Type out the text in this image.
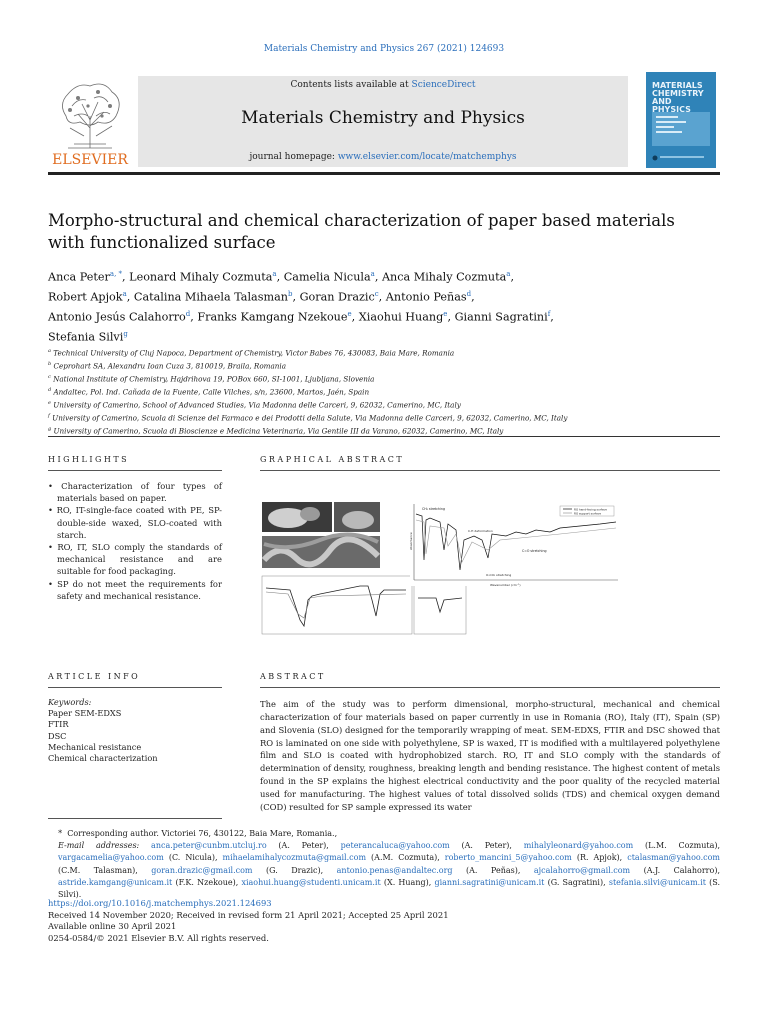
Materials Chemistry and Physics 267 (2021) 124693
Contents lists available at ScienceDirect
Materials Chemistry and Physics
journal homepage: www.elsevier.com/locate/matchemphys
ELSEVIER
MATERIALS CHEMISTRY AND PHYSICS
Morpho-structural and chemical characterization of paper based materials with functionalized surface
Anca Peter$^{a, *}$, Leonard Mihaly Cozmuta$^a$, Camelia Nicula$^a$, Anca Mihaly Cozmuta$^a$,
Robert Apjok$^a$, Catalina Mihaela Talasman$^b$, Goran Drazic$^c$, Antonio Peñas$^d$,
Antonio Jesús Calahorro$^d$, Franks Kamgang Nzekoue$^e$, Xiaohui Huang$^e$, Gianni Sagratini$^f$,
Stefania Silvi$^g$
$^a$ Technical University of Cluj Napoca, Department of Chemistry, Victor Babes 76, 430083, Baia Mare, Romania
$^b$ Ceprohart SA, Alexandru Ioan Cuza 3, 810019, Braila, Romania
$^c$ National Institute of Chemistry, Hajdrihova 19, POBox 660, SI-1001, Ljubljana, Slovenia
$^d$ Andaltec, Pol. Ind. Cañada de la Fuente, Calle Vilches, s/n, 23600, Martos, Jaén, Spain
$^e$ University of Camerino, School of Advanced Studies, Via Madonna delle Carceri, 9, 62032, Camerino, MC, Italy
$^f$ University of Camerino, Scuola di Scienze del Farmaco e dei Prodotti della Salute, Via Madonna delle Carceri, 9, 62032, Camerino, MC, Italy
$^g$ University of Camerino, Scuola di Bioscienze e Medicina Veterinaria, Via Gentile III da Varano, 62032, Camerino, MC, Italy
HIGHLIGHTS
• Characterization of four types of materials based on paper.
• RO, IT-single-face coated with PE, SP-double-side waxed, SLO-coated with starch.
• RO, IT, SLO comply the standards of mechanical resistance and are suitable for food packaging.
• SP do not meet the requirements for safety and mechanical resistance.
GRAPHICAL ABSTRACT
RO hand-facing surface
RO support surface
CH₂ stretching
C=O stretching
C-H deformation
O-CO₂ stretching
Absorbance
Wavenumber (cm⁻¹)
ARTICLE INFO
Keywords:
Paper SEM-EDXS
FTIR
DSC
Mechanical resistance
Chemical characterization
ABSTRACT
The aim of the study was to perform dimensional, morpho-structural, mechanical and chemical characterization of four materials based on paper currently in use in Romania (RO), Italy (IT), Spain (SP) and Slovenia (SLO) designed for the temporarily wrapping of meat. SEM-EDXS, FTIR and DSC showed that RO is laminated on one side with polyethylene, SP is waxed, IT is modified with a multilayered polyethylene film and SLO is coated with hydrophobized starch. RO, IT and SLO comply with the standards of determination of density, roughness, breaking length and bending resistance. The highest content of metals found in the SP explains the highest electrical conductivity and the poor quality of the recycled material used for manufacturing. The highest values of total dissolved solids (TDS) and chemical oxygen demand (COD) resulted for SP sample expressed its water
* Corresponding author. Victoriei 76, 430122, Baia Mare, Romania.,
E-mail addresses: anca.peter@cunbm.utcluj.ro (A. Peter), peterancaluca@yahoo.com (A. Peter), mihalyleonard@yahoo.com (L.M. Cozmuta), vargacamelia@yahoo.com (C. Nicula), mihaelamihalycozmuta@gmail.com (A.M. Cozmuta), roberto_mancini_5@yahoo.com (R. Apjok), ctalasman@yahoo.com (C.M. Talasman), goran.drazic@gmail.com (G. Drazic), antonio.penas@andaltec.org (A. Peñas), ajcalahorro@gmail.com (A.J. Calahorro), astride.kamgang@unicam.it (F.K. Nzekoue), xiaohui.huang@studenti.unicam.it (X. Huang), gianni.sagratini@unicam.it (G. Sagratini), stefania.silvi@unicam.it (S. Silvi).
https://doi.org/10.1016/j.matchemphys.2021.124693
Received 14 November 2020; Received in revised form 21 April 2021; Accepted 25 April 2021
Available online 30 April 2021
0254-0584/© 2021 Elsevier B.V. All rights reserved.
